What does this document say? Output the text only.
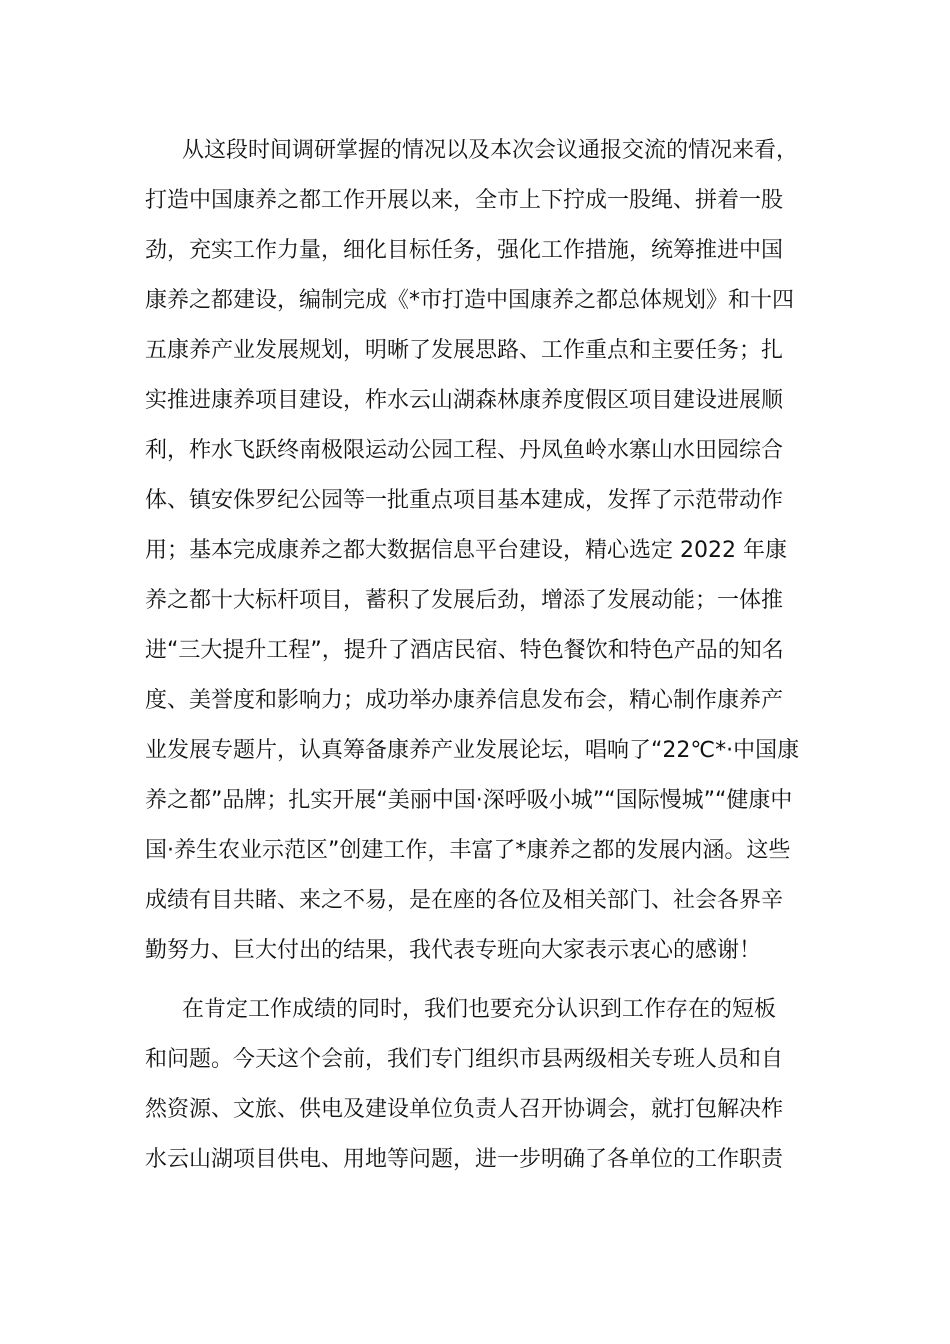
从这段时间调研掌握的情况以及本次会议通报交流的情况来看，
打造中国康养之都工作开展以来，全市上下拧成一股绳、拼着一股
劲，充实工作力量，细化目标任务，强化工作措施，统筹推进中国
康养之都建设，编制完成《*市打造中国康养之都总体规划》和十四
五康养产业发展规划，明晰了发展思路、工作重点和主要任务；扎
实推进康养项目建设，柞水云山湖森林康养度假区项目建设进展顺
利，柞水飞跃终南极限运动公园工程、丹凤鱼岭水寨山水田园综合
体、镇安侏罗纪公园等一批重点项目基本建成，发挥了示范带动作
用；基本完成康养之都大数据信息平台建设，精心选定 2022 年康
养之都十大标杆项目，蓄积了发展后劲，增添了发展动能；一体推
进“三大提升工程”，提升了酒店民宿、特色餐饮和特色产品的知名
度、美誉度和影响力；成功举办康养信息发布会，精心制作康养产
业发展专题片，认真筹备康养产业发展论坛，唱响了“22℃*·中国康
养之都”品牌；扎实开展“美丽中国·深呼吸小城”“国际慢城”“健康中
国·养生农业示范区”创建工作，丰富了*康养之都的发展内涵。这些
成绩有目共睹、来之不易，是在座的各位及相关部门、社会各界辛
勤努力、巨大付出的结果，我代表专班向大家表示衷心的感谢！
在肯定工作成绩的同时，我们也要充分认识到工作存在的短板
和问题。今天这个会前，我们专门组织市县两级相关专班人员和自
然资源、文旅、供电及建设单位负责人召开协调会，就打包解决柞
水云山湖项目供电、用地等问题，进一步明确了各单位的工作职责
